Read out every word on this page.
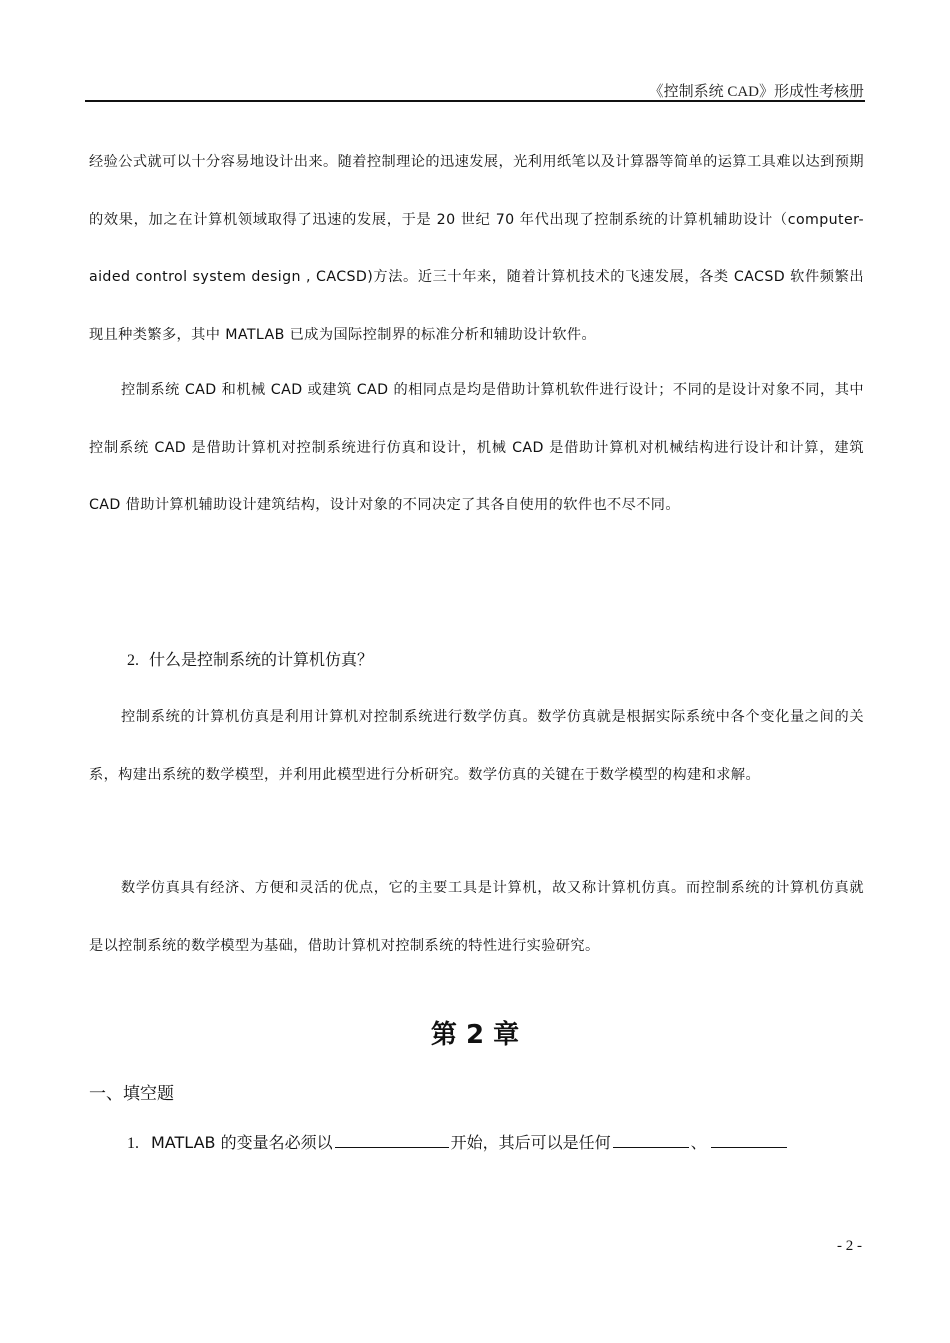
《控制系统 CAD》形成性考核册
经验公式就可以十分容易地设计出来。随着控制理论的迅速发展，光利用纸笔以及计算器等简单的运算工具难以达到预期的效果，加之在计算机领域取得了迅速的发展，于是 20 世纪 70 年代出现了控制系统的计算机辅助设计（computer-aided control system design , CACSD)方法。近三十年来，随着计算机技术的飞速发展，各类 CACSD 软件频繁出现且种类繁多，其中 MATLAB 已成为国际控制界的标准分析和辅助设计软件。
控制系统 CAD 和机械 CAD 或建筑 CAD 的相同点是均是借助计算机软件进行设计；不同的是设计对象不同，其中控制系统 CAD 是借助计算机对控制系统进行仿真和设计，机械 CAD 是借助计算机对机械结构进行设计和计算，建筑 CAD 借助计算机辅助设计建筑结构，设计对象的不同决定了其各自使用的软件也不尽不同。
2. 什么是控制系统的计算机仿真？
控制系统的计算机仿真是利用计算机对控制系统进行数学仿真。数学仿真就是根据实际系统中各个变化量之间的关系，构建出系统的数学模型，并利用此模型进行分析研究。数学仿真的关键在于数学模型的构建和求解。
数学仿真具有经济、方便和灵活的优点，它的主要工具是计算机，故又称计算机仿真。而控制系统的计算机仿真就是以控制系统的数学模型为基础，借助计算机对控制系统的特性进行实验研究。
第 2 章
一、填空题
1. MATLAB 的变量名必须以	开始，其后可以是任何	、
- 2 -
